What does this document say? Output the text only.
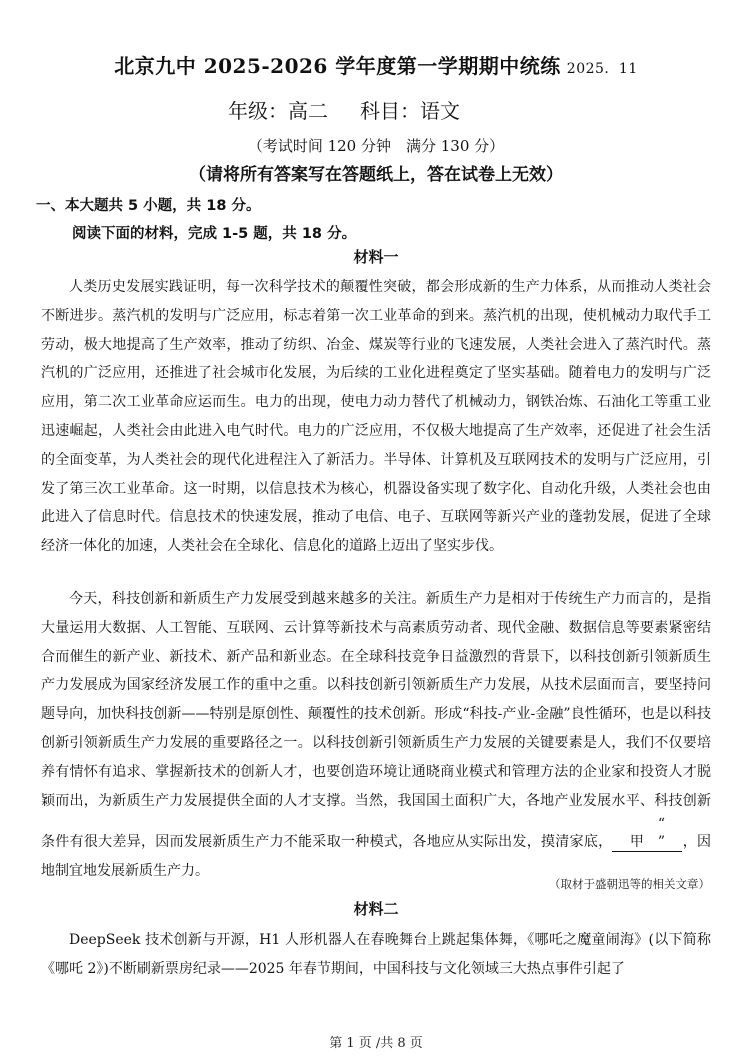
北京九中 2025-2026 学年度第一学期期中统练 2025．11
年级：高二 科目：语文
（考试时间 120 分钟　满分 130 分）
（请将所有答案写在答题纸上，答在试卷上无效）
一、本大题共 5 小题，共 18 分。
阅读下面的材料，完成 1-5 题，共 18 分。
材料一

人类历史发展实践证明，每一次科学技术的颠覆性突破，都会形成新的生产力体系，从而推动人类社会不断进步。蒸汽机的发明与广泛应用，标志着第一次工业革命的到来。蒸汽机的出现，使机械动力取代手工劳动，极大地提高了生产效率，推动了纺织、冶金、煤炭等行业的飞速发展，人类社会进入了蒸汽时代。蒸汽机的广泛应用，还推进了社会城市化发展，为后续的工业化进程奠定了坚实基础。随着电力的发明与广泛应用，第二次工业革命应运而生。电力的出现，使电力动力替代了机械动力，钢铁冶炼、石油化工等重工业迅速崛起，人类社会由此进入电气时代。电力的广泛应用，不仅极大地提高了生产效率，还促进了社会生活的全面变革，为人类社会的现代化进程注入了新活力。半导体、计算机及互联网技术的发明与广泛应用，引发了第三次工业革命。这一时期，以信息技术为核心，机器设备实现了数字化、自动化升级，人类社会也由此进入了信息时代。信息技术的快速发展，推动了电信、电子、互联网等新兴产业的蓬勃发展，促进了全球经济一体化的加速，人类社会在全球化、信息化的道路上迈出了坚实步伐。

今天，科技创新和新质生产力发展受到越来越多的关注。新质生产力是相对于传统生产力而言的，是指大量运用大数据、人工智能、互联网、云计算等新技术与高素质劳动者、现代金融、数据信息等要素紧密结合而催生的新产业、新技术、新产品和新业态。在全球科技竞争日益激烈的背景下，以科技创新引领新质生产力发展成为国家经济发展工作的重中之重。以科技创新引领新质生产力发展，从技术层面而言，要坚持问题导向，加快科技创新——特别是原创性、颠覆性的技术创新。形成“科技-产业-金融”良性循环，也是以科技创新引领新质生产力发展的重要路径之一。以科技创新引领新质生产力发展的关键要素是人，我们不仅要培养有情怀有追求、掌握新技术的创新人才，也要创造环境让通晓商业模式和管理方法的企业家和投资人才脱颖而出，为新质生产力发展提供全面的人才支撑。当然，我国国土面积广大，各地产业发展水平、科技创新条件有很大差异，因而发展新质生产力不能采取一种模式，各地应从实际出发，摸清家底，“　甲　” ，因地制宜地发展新质生产力。

（取材于盛朝迅等的相关文章）
材料二

DeepSeek 技术创新与开源，H1 人形机器人在春晚舞台上跳起集体舞，《哪吒之魔童闹海》(以下简称《哪吒 2》)不断刷新票房纪录——2025 年春节期间，中国科技与文化领域三大热点事件引起了

第 1 页 /共 8 页
